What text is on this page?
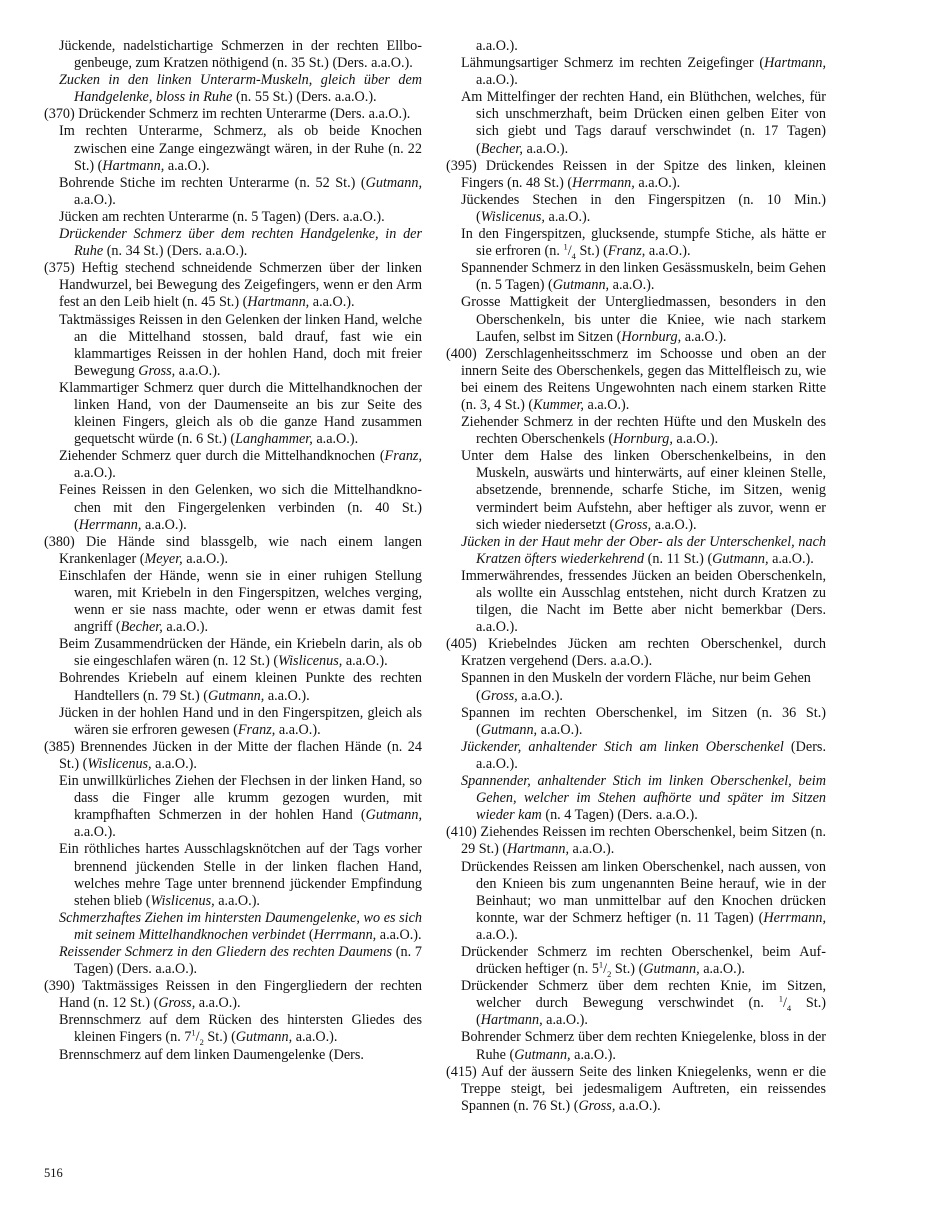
Jückende, nadelstichartige Schmerzen in der rechten Ellbogenbeuge, zum Kratzen nöthigend (n. 35 St.) (Ders. a.a.O.).

Zucken in den linken Unterarm-Muskeln, gleich über dem Handgelenke, bloss in Ruhe (n. 55 St.) (Ders. a.a.O.).

(370) Drückender Schmerz im rechten Unterarme (Ders. a.a.O.).

Im rechten Unterarme, Schmerz, als ob beide Knochen zwischen eine Zange eingezwängt wären, in der Ruhe (n. 22 St.) (Hartmann, a.a.O.).

Bohrende Stiche im rechten Unterarme (n. 52 St.) (Gutmann, a.a.O.).

Jücken am rechten Unterarme (n. 5 Tagen) (Ders. a.a.O.).

Drückender Schmerz über dem rechten Handgelenke, in der Ruhe (n. 34 St.) (Ders. a.a.O.).

(375) Heftig stechend schneidende Schmerzen über der linken Handwurzel, bei Bewegung des Zeigefingers, wenn er den Arm fest an den Leib hielt (n. 45 St.) (Hartmann, a.a.O.).

Taktmässiges Reissen in den Gelenken der linken Hand, welche an die Mittelhand stossen, bald drauf, fast wie ein klammartiges Reissen in der hohlen Hand, doch mit freier Bewegung Gross, a.a.O.).

Klammartiger Schmerz quer durch die Mittelhandknochen der linken Hand, von der Daumenseite an bis zur Seite des kleinen Fingers, gleich als ob die ganze Hand zusammen gequetscht würde (n. 6 St.) (Langhammer, a.a.O.).

Ziehender Schmerz quer durch die Mittelhandknochen (Franz, a.a.O.).

Feines Reissen in den Gelenken, wo sich die Mittelhandknochen mit den Fingergelenken verbinden (n. 40 St.) (Herrmann, a.a.O.).

(380) Die Hände sind blassgelb, wie nach einem langen Krankenlager (Meyer, a.a.O.).

Einschlafen der Hände, wenn sie in einer ruhigen Stellung waren, mit Kriebeln in den Fingerspitzen, welches verging, wenn er sie nass machte, oder wenn er etwas damit fest angriff (Becher, a.a.O.).

Beim Zusammendrücken der Hände, ein Kriebeln darin, als ob sie eingeschlafen wären (n. 12 St.) (Wislicenus, a.a.O.).

Bohrendes Kriebeln auf einem kleinen Punkte des rechten Handtellers (n. 79 St.) (Gutmann, a.a.O.).

Jücken in der hohlen Hand und in den Fingerspitzen, gleich als wären sie erfroren gewesen (Franz, a.a.O.).

(385) Brennendes Jücken in der Mitte der flachen Hände (n. 24 St.) (Wislicenus, a.a.O.).

Ein unwillkürliches Ziehen der Flechsen in der linken Hand, so dass die Finger alle krumm gezogen wurden, mit krampfhaften Schmerzen in der hohlen Hand (Gutmann, a.a.O.).

Ein röthliches hartes Ausschlagsknötchen auf der Tags vorher brennend jückenden Stelle in der linken flachen Hand, welches mehre Tage unter brennend jückender Empfindung stehen blieb (Wislicenus, a.a.O.).

Schmerzhaftes Ziehen im hintersten Daumengelenke, wo es sich mit seinem Mittelhandknochen verbindet (Herrmann, a.a.O.).

Reissender Schmerz in den Gliedern des rechten Daumens (n. 7 Tagen) (Ders. a.a.O.).

(390) Taktmässiges Reissen in den Fingergliedern der rechten Hand (n. 12 St.) (Gross, a.a.O.).

Brennschmerz auf dem Rücken des hintersten Gliedes des kleinen Fingers (n. $7^1/_2$ St.) (Gutmann, a.a.O.).

Brennschmerz auf dem linken Daumengelenke (Ders.

a.a.O.).

Lähmungsartiger Schmerz im rechten Zeigefinger (Hartmann, a.a.O.).

Am Mittelfinger der rechten Hand, ein Blüthchen, welches, für sich unschmerzhaft, beim Drücken einen gelben Eiter von sich giebt und Tags darauf verschwindet (n. 17 Tagen) (Becher, a.a.O.).

(395) Drückendes Reissen in der Spitze des linken, kleinen Fingers (n. 48 St.) (Herrmann, a.a.O.).

Jückendes Stechen in den Fingerspitzen (n. 10 Min.) (Wislicenus, a.a.O.).

In den Fingerspitzen, glucksende, stumpfe Stiche, als hätte er sie erfroren (n. $^1/_4$ St.) (Franz, a.a.O.).

Spannender Schmerz in den linken Gesässmuskeln, beim Gehen (n. 5 Tagen) (Gutmann, a.a.O.).

Grosse Mattigkeit der Untergliedmassen, besonders in den Oberschenkeln, bis unter die Kniee, wie nach starkem Laufen, selbst im Sitzen (Hornburg, a.a.O.).

(400) Zerschlagenheitsschmerz im Schoosse und oben an der innern Seite des Oberschenkels, gegen das Mittelfleisch zu, wie bei einem des Reitens Ungewohnten nach einem starken Ritte (n. 3, 4 St.) (Kummer, a.a.O.).

Ziehender Schmerz in der rechten Hüfte und den Muskeln des rechten Oberschenkels (Hornburg, a.a.O.).

Unter dem Halse des linken Oberschenkelbeins, in den Muskeln, auswärts und hinterwärts, auf einer kleinen Stelle, absetzende, brennende, scharfe Stiche, im Sitzen, wenig vermindert beim Aufstehn, aber heftiger als zuvor, wenn er sich wieder niedersetzt (Gross, a.a.O.).

Jücken in der Haut mehr der Ober- als der Unterschenkel, nach Kratzen öfters wiederkehrend (n. 11 St.) (Gutmann, a.a.O.).

Immerwährendes, fressendes Jücken an beiden Oberschenkeln, als wollte ein Ausschlag entstehen, nicht durch Kratzen zu tilgen, die Nacht im Bette aber nicht bemerkbar (Ders. a.a.O.).

(405) Kriebelndes Jücken am rechten Oberschenkel, durch Kratzen vergehend (Ders. a.a.O.).

Spannen in den Muskeln der vordern Fläche, nur beim Gehen (Gross, a.a.O.).

Spannen im rechten Oberschenkel, im Sitzen (n. 36 St.) (Gutmann, a.a.O.).

Jückender, anhaltender Stich am linken Oberschenkel (Ders. a.a.O.).

Spannender, anhaltender Stich im linken Oberschenkel, beim Gehen, welcher im Stehen aufhörte und später im Sitzen wieder kam (n. 4 Tagen) (Ders. a.a.O.).

(410) Ziehendes Reissen im rechten Oberschenkel, beim Sitzen (n. 29 St.) (Hartmann, a.a.O.).

Drückendes Reissen am linken Oberschenkel, nach aussen, von den Knieen bis zum ungenannten Beine herauf, wie in der Beinhaut; wo man unmittelbar auf den Knochen drücken konnte, war der Schmerz heftiger (n. 11 Tagen) (Herrmann, a.a.O.).

Drückender Schmerz im rechten Oberschenkel, beim Aufdrücken heftiger (n. $5^1/_2$ St.) (Gutmann, a.a.O.).

Drückender Schmerz über dem rechten Knie, im Sitzen, welcher durch Bewegung verschwindet (n. $^1/_4$ St.) (Hartmann, a.a.O.).

Bohrender Schmerz über dem rechten Kniegelenke, bloss in der Ruhe (Gutmann, a.a.O.).

(415) Auf der äussern Seite des linken Kniegelenks, wenn er die Treppe steigt, bei jedesmaligem Auftreten, ein reissendes Spannen (n. 76 St.) (Gross, a.a.O.).

516
